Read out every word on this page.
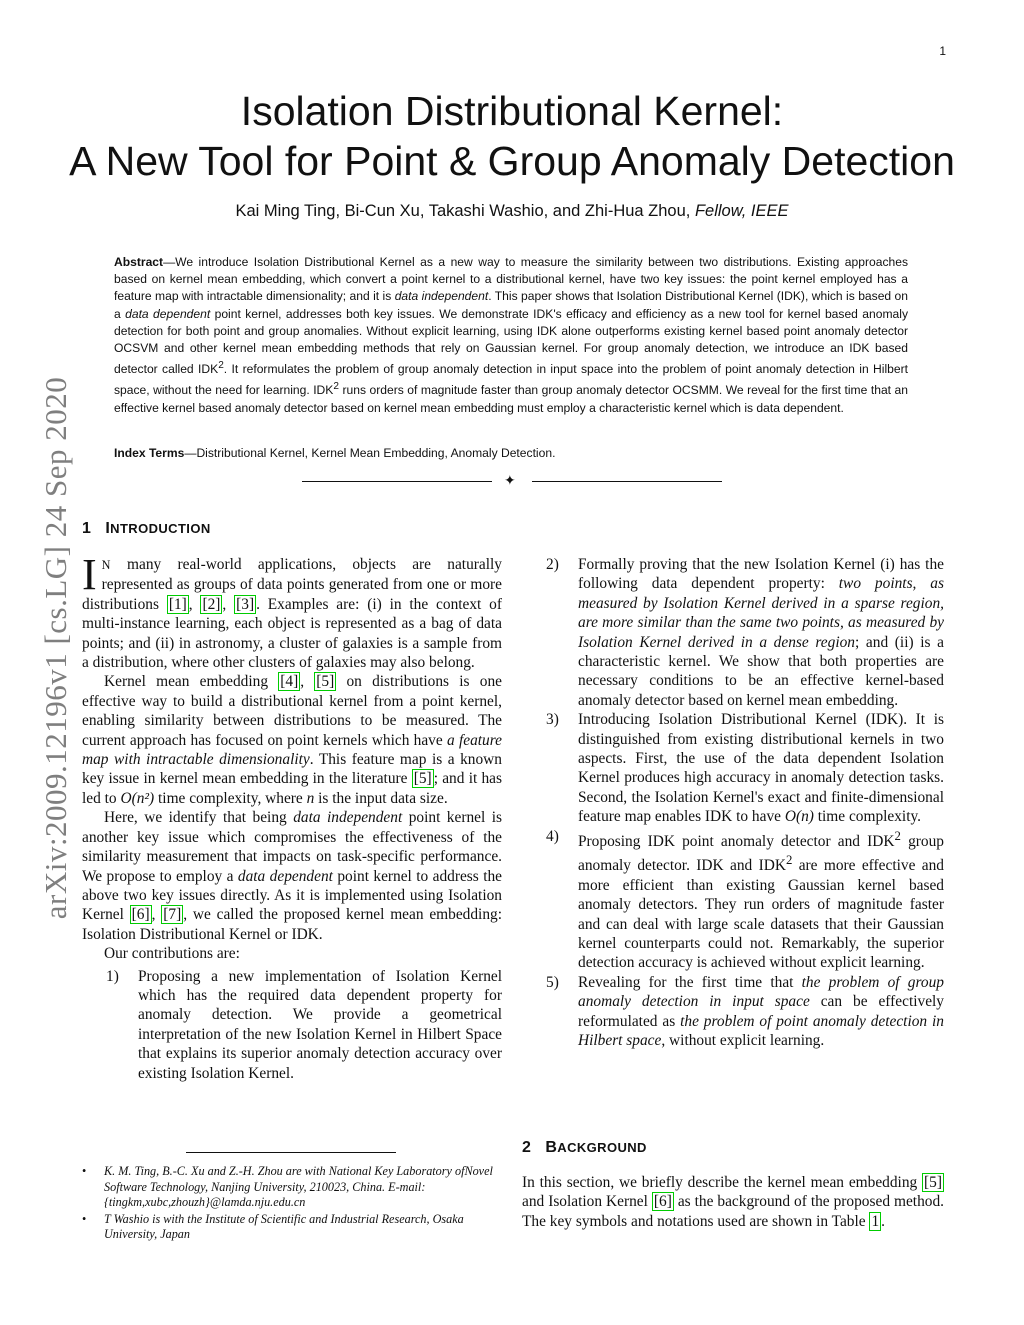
1
arXiv:2009.12196v1 [cs.LG] 24 Sep 2020
Isolation Distributional Kernel:
A New Tool for Point & Group Anomaly Detection
Kai Ming Ting, Bi-Cun Xu, Takashi Washio, and Zhi-Hua Zhou, Fellow, IEEE

Abstract—We introduce Isolation Distributional Kernel as a new way to measure the similarity between two distributions. Existing approaches based on kernel mean embedding, which convert a point kernel to a distributional kernel, have two key issues: the point kernel employed has a feature map with intractable dimensionality; and it is data independent. This paper shows that Isolation Distributional Kernel (IDK), which is based on a data dependent point kernel, addresses both key issues. We demonstrate IDK's efficacy and efficiency as a new tool for kernel based anomaly detection for both point and group anomalies. Without explicit learning, using IDK alone outperforms existing kernel based point anomaly detector OCSVM and other kernel mean embedding methods that rely on Gaussian kernel. For group anomaly detection, we introduce an IDK based detector called IDK$^2$. It reformulates the problem of group anomaly detection in input space into the problem of point anomaly detection in Hilbert space, without the need for learning. IDK$^2$ runs orders of magnitude faster than group anomaly detector OCSMM. We reveal for the first time that an effective kernel based anomaly detector based on kernel mean embedding must employ a characteristic kernel which is data dependent.

Index Terms—Distributional Kernel, Kernel Mean Embedding, Anomaly Detection.

✦
1 INTRODUCTION

I N many real-world applications, objects are naturally represented as groups of data points generated from one or more distributions [1] , [2] , [3] . Examples are: (i) in the context of multi-instance learning, each object is represented as a bag of data points; and (ii) in astronomy, a cluster of galaxies is a sample from a distribution, where other clusters of galaxies may also belong.

Kernel mean embedding [4] , [5] on distributions is one effective way to build a distributional kernel from a point kernel, enabling similarity between distributions to be measured. The current approach has focused on point kernels which have a feature map with intractable dimensionality. This feature map is a known key issue in kernel mean embedding in the literature [5] ; and it has led to O(n²) time complexity, where n is the input data size.

Here, we identify that being data independent point kernel is another key issue which compromises the effectiveness of the similarity measurement that impacts on task-specific performance. We propose to employ a data dependent point kernel to address the above two key issues directly. As it is implemented using Isolation Kernel [6] , [7] , we called the proposed kernel mean embedding: Isolation Distributional Kernel or IDK.

Our contributions are:

1) Proposing a new implementation of Isolation Kernel which has the required data dependent property for anomaly detection. We provide a geometrical interpretation of the new Isolation Kernel in Hilbert Space that explains its superior anomaly detection accuracy over existing Isolation Kernel.
2) Formally proving that the new Isolation Kernel (i) has the following data dependent property: two points, as measured by Isolation Kernel derived in a sparse region, are more similar than the same two points, as measured by Isolation Kernel derived in a dense region; and (ii) is a characteristic kernel. We show that both properties are necessary conditions to be an effective kernel-based anomaly detector based on kernel mean embedding.
3) Introducing Isolation Distributional Kernel (IDK). It is distinguished from existing distributional kernels in two aspects. First, the use of the data dependent Isolation Kernel produces high accuracy in anomaly detection tasks. Second, the Isolation Kernel's exact and finite-dimensional feature map enables IDK to have O(n) time complexity.
4) Proposing IDK point anomaly detector and IDK$^2$ group anomaly detector. IDK and IDK$^2$ are more effective and more efficient than existing Gaussian kernel based anomaly detectors. They run orders of magnitude faster and can deal with large scale datasets that their Gaussian kernel counterparts could not. Remarkably, the superior detection accuracy is achieved without explicit learning.
5) Revealing for the first time that the problem of group anomaly detection in input space can be effectively reformulated as the problem of point anomaly detection in Hilbert space, without explicit learning.
2 BACKGROUND

In this section, we briefly describe the kernel mean embedding [5] and Isolation Kernel [6] as the background of the proposed method. The key symbols and notations used are shown in Table 1 .

• K. M. Ting, B.-C. Xu and Z.-H. Zhou are with National Key Laboratory ofNovel Software Technology, Nanjing University, 210023, China. E-mail: {tingkm,xubc,zhouzh}@lamda.nju.edu.cn
• T Washio is with the Institute of Scientific and Industrial Research, Osaka University, Japan
